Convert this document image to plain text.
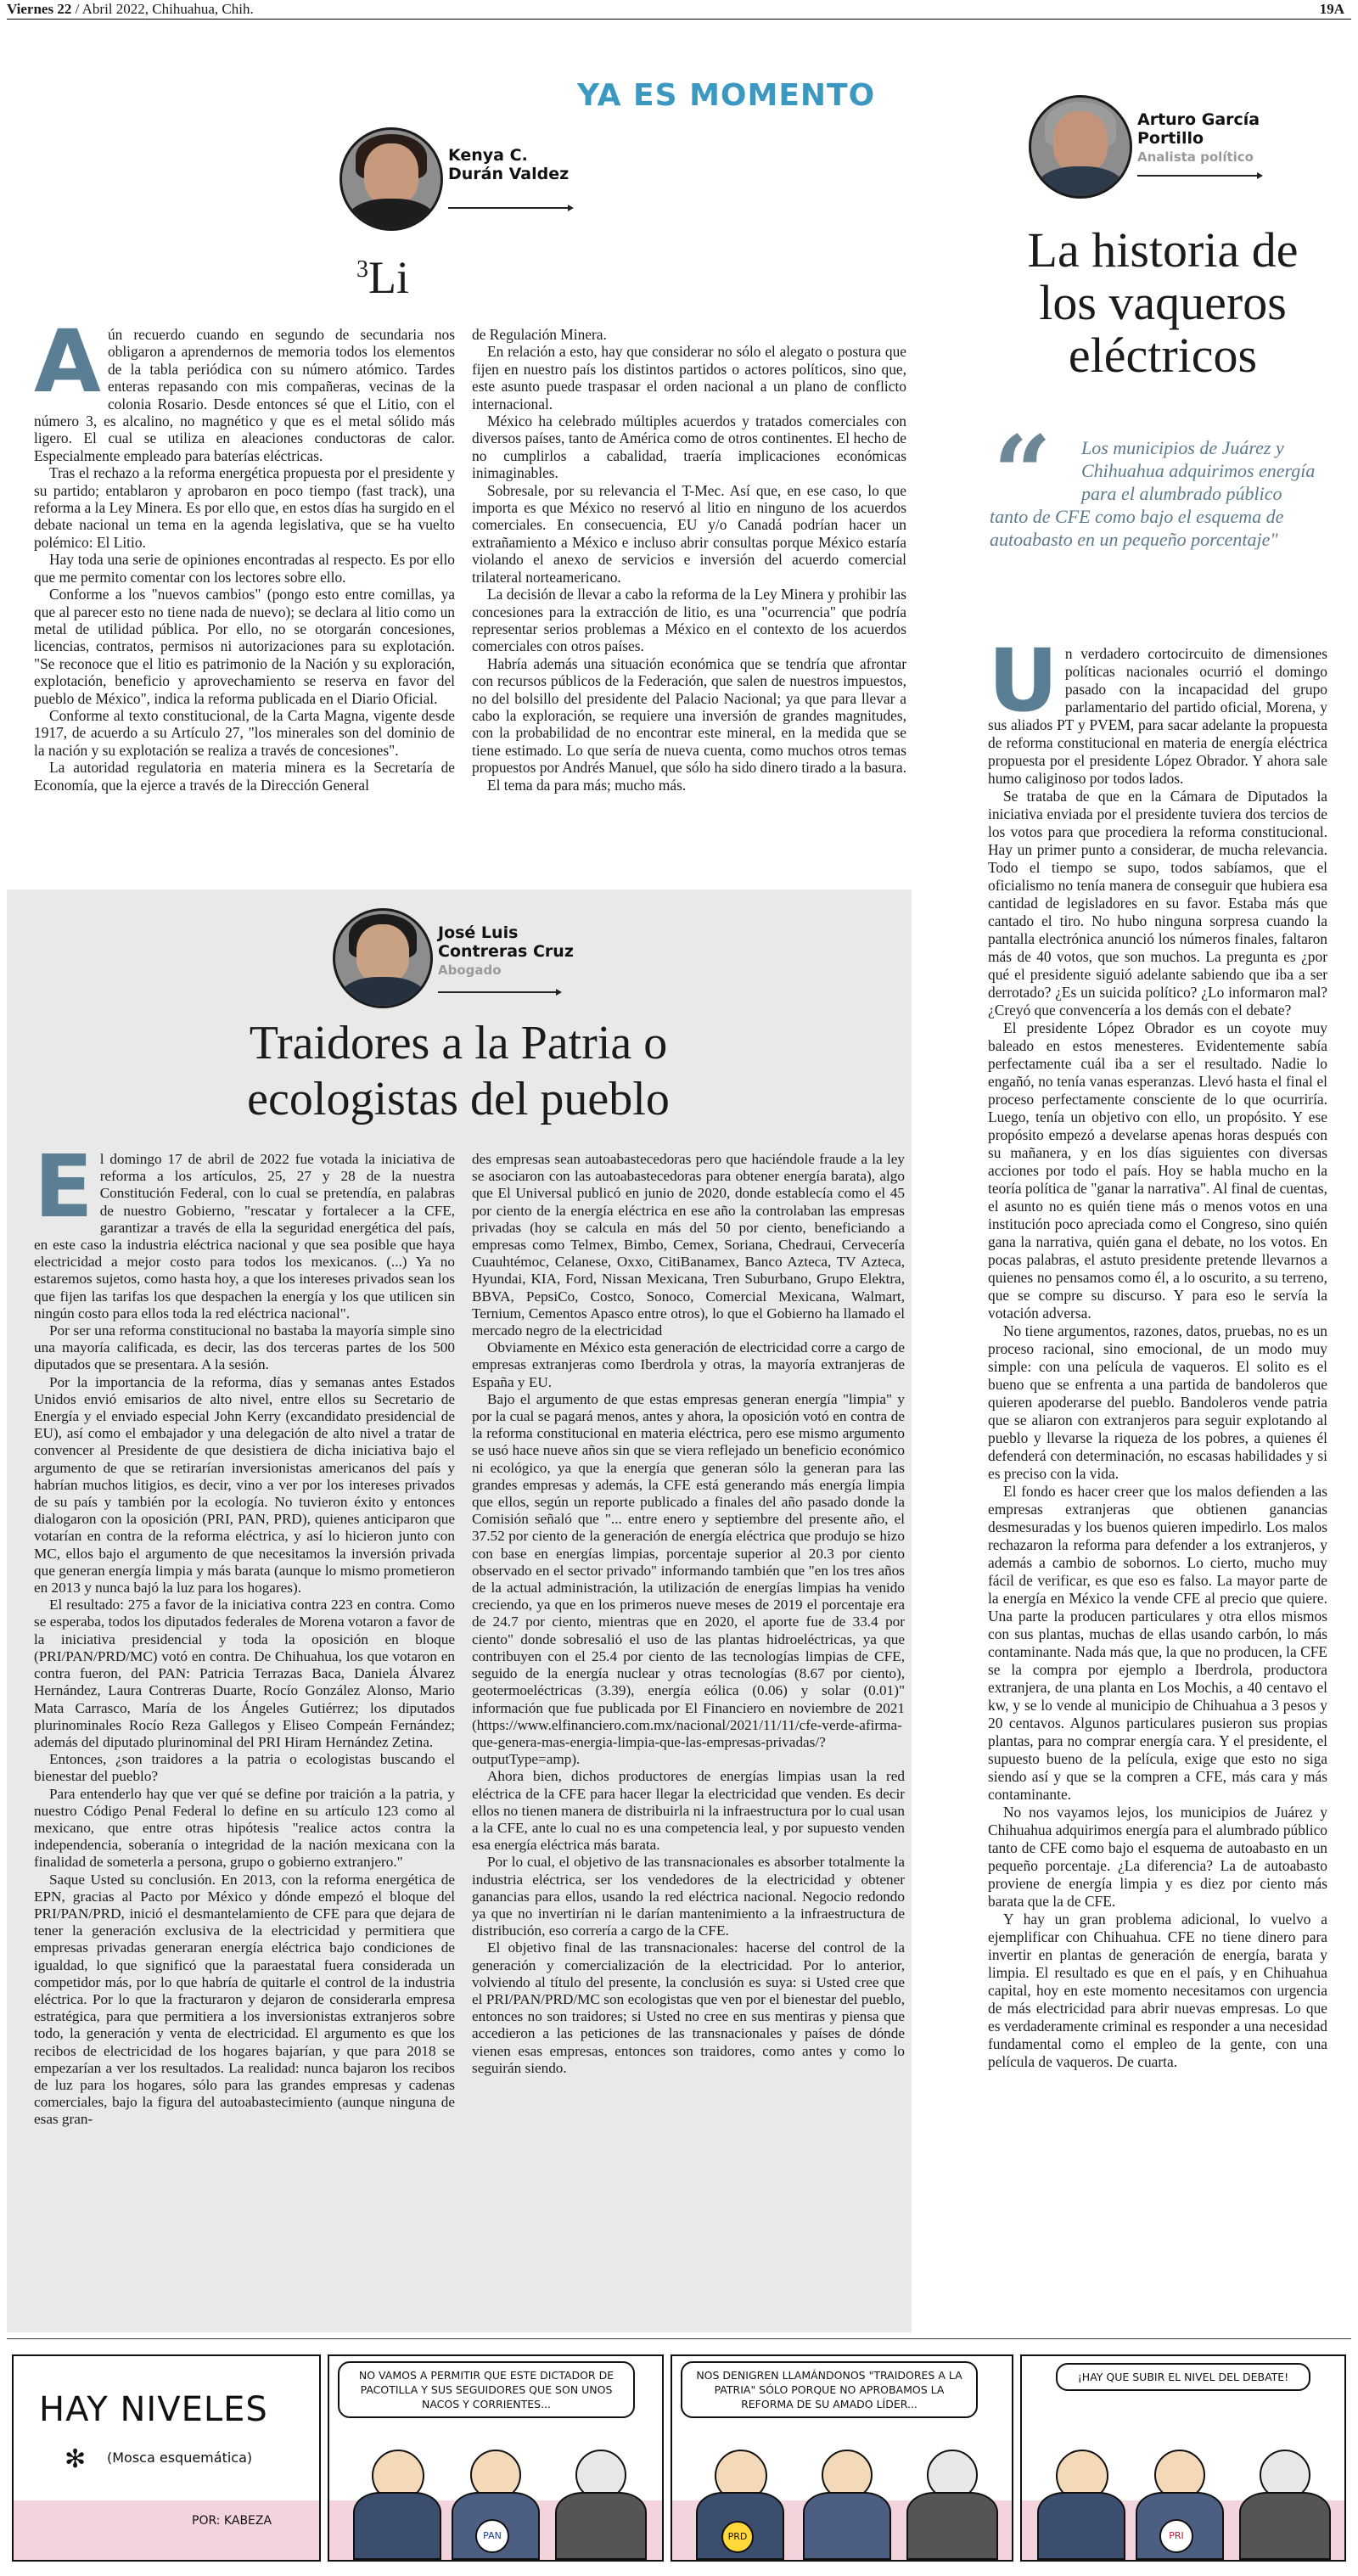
Viernes 22 / Abril 2022, Chihuahua, Chih.	19A
YA ES MOMENTO
Kenya C.
Durán Valdez
$^3$Li
A ún recuerdo cuando en segundo de secundaria nos obligaron a aprendernos de memoria todos los elementos de la tabla periódica con su número atómico. Tardes enteras repasando con mis compañeras, vecinas de la colonia Rosario. Desde entonces sé que el Litio, con el número 3, es alcalino, no magnético y que es el metal sólido más ligero. El cual se utiliza en aleaciones conductoras de calor. Especialmente empleado para baterías eléctricas.

Tras el rechazo a la reforma energética propuesta por el presidente y su partido; entablaron y aprobaron en poco tiempo (fast track), una reforma a la Ley Minera. Es por ello que, en estos días ha surgido en el debate nacional un tema en la agenda legislativa, que se ha vuelto polémico: El Litio.

Hay toda una serie de opiniones encontradas al respecto. Es por ello que me permito comentar con los lectores sobre ello.

Conforme a los "nuevos cambios" (pongo esto entre comillas, ya que al parecer esto no tiene nada de nuevo); se declara al litio como un metal de utilidad pública. Por ello, no se otorgarán concesiones, licencias, contratos, permisos ni autorizaciones para su explotación. "Se reconoce que el litio es patrimonio de la Nación y su exploración, explotación, beneficio y aprovechamiento se reserva en favor del pueblo de México", indica la reforma publicada en el Diario Oficial.

Conforme al texto constitucional, de la Carta Magna, vigente desde 1917, de acuerdo a su Artículo 27, "los minerales son del dominio de la nación y su explotación se realiza a través de concesiones".

La autoridad regulatoria en materia minera es la Secretaría de Economía, que la ejerce a través de la Dirección General

de Regulación Minera.

En relación a esto, hay que considerar no sólo el alegato o postura que fijen en nuestro país los distintos partidos o actores políticos, sino que, este asunto puede traspasar el orden nacional a un plano de conflicto internacional.

México ha celebrado múltiples acuerdos y tratados comerciales con diversos países, tanto de América como de otros continentes. El hecho de no cumplirlos a cabalidad, traería implicaciones económicas inimaginables.

Sobresale, por su relevancia el T-Mec. Así que, en ese caso, lo que importa es que México no reservó al litio en ninguno de los acuerdos comerciales. En consecuencia, EU y/o Canadá podrían hacer un extrañamiento a México e incluso abrir consultas porque México estaría violando el anexo de servicios e inversión del acuerdo comercial trilateral norteamericano.

La decisión de llevar a cabo la reforma de la Ley Minera y prohibir las concesiones para la extracción de litio, es una "ocurrencia" que podría representar serios problemas a México en el contexto de los acuerdos comerciales con otros países.

Habría además una situación económica que se tendría que afrontar con recursos públicos de la Federación, que salen de nuestros impuestos, no del bolsillo del presidente del Palacio Nacional; ya que para llevar a cabo la exploración, se requiere una inversión de grandes magnitudes, con la probabilidad de no encontrar este mineral, en la medida que se tiene estimado. Lo que sería de nueva cuenta, como muchos otros temas propuestos por Andrés Manuel, que sólo ha sido dinero tirado a la basura.

El tema da para más; mucho más.

José Luis
Contreras Cruz
Abogado
Traidores a la Patria o
ecologistas del pueblo
E l domingo 17 de abril de 2022 fue votada la iniciativa de reforma a los artículos, 25, 27 y 28 de la nuestra Constitución Federal, con lo cual se pretendía, en palabras de nuestro Gobierno, "rescatar y fortalecer a la CFE, garantizar a través de ella la seguridad energética del país, en este caso la industria eléctrica nacional y que sea posible que haya electricidad a mejor costo para todos los mexicanos. (...) Ya no estaremos sujetos, como hasta hoy, a que los intereses privados sean los que fijen las tarifas los que despachen la energía y los que utilicen sin ningún costo para ellos toda la red eléctrica nacional".

Por ser una reforma constitucional no bastaba la mayoría simple sino una mayoría calificada, es decir, las dos terceras partes de los 500 diputados que se presentara. A la sesión.

Por la importancia de la reforma, días y semanas antes Estados Unidos envió emisarios de alto nivel, entre ellos su Secretario de Energía y el enviado especial John Kerry (excandidato presidencial de EU), así como el embajador y una delegación de alto nivel a tratar de convencer al Presidente de que desistiera de dicha iniciativa bajo el argumento de que se retirarían inversionistas americanos del país y habrían muchos litigios, es decir, vino a ver por los intereses privados de su país y también por la ecología. No tuvieron éxito y entonces dialogaron con la oposición (PRI, PAN, PRD), quienes anticiparon que votarían en contra de la reforma eléctrica, y así lo hicieron junto con MC, ellos bajo el argumento de que necesitamos la inversión privada que generan energía limpia y más barata (aunque lo mismo prometieron en 2013 y nunca bajó la luz para los hogares).

El resultado: 275 a favor de la iniciativa contra 223 en contra. Como se esperaba, todos los diputados federales de Morena votaron a favor de la iniciativa presidencial y toda la oposición en bloque (PRI/PAN/PRD/MC) votó en contra. De Chihuahua, los que votaron en contra fueron, del PAN: Patricia Terrazas Baca, Daniela Álvarez Hernández, Laura Contreras Duarte, Rocío González Alonso, Mario Mata Carrasco, María de los Ángeles Gutiérrez; los diputados plurinominales Rocío Reza Gallegos y Eliseo Compeán Fernández; además del diputado plurinominal del PRI Hiram Hernández Zetina.

Entonces, ¿son traidores a la patria o ecologistas buscando el bienestar del pueblo?

Para entenderlo hay que ver qué se define por traición a la patria, y nuestro Código Penal Federal lo define en su artículo 123 como al mexicano, que entre otras hipótesis "realice actos contra la independencia, soberanía o integridad de la nación mexicana con la finalidad de someterla a persona, grupo o gobierno extranjero."

Saque Usted su conclusión. En 2013, con la reforma energética de EPN, gracias al Pacto por México y dónde empezó el bloque del PRI/PAN/PRD, inició el desmantelamiento de CFE para que dejara de tener la generación exclusiva de la electricidad y permitiera que empresas privadas generaran energía eléctrica bajo condiciones de igualdad, lo que significó que la paraestatal fuera considerada un competidor más, por lo que habría de quitarle el control de la industria eléctrica. Por lo que la fracturaron y dejaron de considerarla empresa estratégica, para que permitiera a los inversionistas extranjeros sobre todo, la generación y venta de electricidad. El argumento es que los recibos de electricidad de los hogares bajarían, y que para 2018 se empezarían a ver los resultados. La realidad: nunca bajaron los recibos de luz para los hogares, sólo para las grandes empresas y cadenas comerciales, bajo la figura del autoabastecimiento (aunque ninguna de esas gran-

des empresas sean autoabastecedoras pero que haciéndole fraude a la ley se asociaron con las autoabastecedoras para obtener energía barata), algo que El Universal publicó en junio de 2020, donde establecía como el 45 por ciento de la energía eléctrica en ese año la controlaban las empresas privadas (hoy se calcula en más del 50 por ciento, beneficiando a empresas como Telmex, Bimbo, Cemex, Soriana, Chedraui, Cervecería Cuauhtémoc, Celanese, Oxxo, CitiBanamex, Banco Azteca, TV Azteca, Hyundai, KIA, Ford, Nissan Mexicana, Tren Suburbano, Grupo Elektra, BBVA, PepsiCo, Costco, Sonoco, Comercial Mexicana, Walmart, Ternium, Cementos Apasco entre otros), lo que el Gobierno ha llamado el mercado negro de la electricidad

Obviamente en México esta generación de electricidad corre a cargo de empresas extranjeras como Iberdrola y otras, la mayoría extranjeras de España y EU.

Bajo el argumento de que estas empresas generan energía "limpia" y por la cual se pagará menos, antes y ahora, la oposición votó en contra de la reforma constitucional en materia eléctrica, pero ese mismo argumento se usó hace nueve años sin que se viera reflejado un beneficio económico ni ecológico, ya que la energía que generan sólo la generan para las grandes empresas y además, la CFE está generando más energía limpia que ellos, según un reporte publicado a finales del año pasado donde la Comisión señaló que "... entre enero y septiembre del presente año, el 37.52 por ciento de la generación de energía eléctrica que produjo se hizo con base en energías limpias, porcentaje superior al 20.3 por ciento observado en el sector privado" informando también que "en los tres años de la actual administración, la utilización de energías limpias ha venido creciendo, ya que en los primeros nueve meses de 2019 el porcentaje era de 24.7 por ciento, mientras que en 2020, el aporte fue de 33.4 por ciento" donde sobresalió el uso de las plantas hidroeléctricas, ya que contribuyen con el 25.4 por ciento de las tecnologías limpias de CFE, seguido de la energía nuclear y otras tecnologías (8.67 por ciento), geotermoeléctricas (3.39), energía eólica (0.06) y solar (0.01)" información que fue publicada por El Financiero en noviembre de 2021 (https://www.elfinanciero.com.mx/nacional/2021/11/11/cfe-verde-afirma-que-genera-mas-energia-limpia-que-las-empresas-privadas/?outputType=amp).

Ahora bien, dichos productores de energías limpias usan la red eléctrica de la CFE para hacer llegar la electricidad que venden. Es decir ellos no tienen manera de distribuirla ni la infraestructura por lo cual usan a la CFE, ante lo cual no es una competencia leal, y por supuesto venden esa energía eléctrica más barata.

Por lo cual, el objetivo de las transnacionales es absorber totalmente la industria eléctrica, ser los vendedores de la electricidad y obtener ganancias para ellos, usando la red eléctrica nacional. Negocio redondo ya que no invertirían ni le darían mantenimiento a la infraestructura de distribución, eso correría a cargo de la CFE.

El objetivo final de las transnacionales: hacerse del control de la generación y comercialización de la electricidad. Por lo anterior, volviendo al título del presente, la conclusión es suya: si Usted cree que el PRI/PAN/PRD/MC son ecologistas que ven por el bienestar del pueblo, entonces no son traidores; si Usted no cree en sus mentiras y piensa que accedieron a las peticiones de las transnacionales y países de dónde vienen esas empresas, entonces son traidores, como antes y como lo seguirán siendo.

Arturo García
Portillo
Analista político
La historia de
los vaqueros
eléctricos
“	Los municipios de Juárez y Chihuahua adquirimos energía para el alumbrado público tanto de CFE como bajo el esquema de autoabasto en un pequeño porcentaje"
U n verdadero cortocircuito de dimensiones políticas nacionales ocurrió el domingo pasado con la incapacidad del grupo parlamentario del partido oficial, Morena, y sus aliados PT y PVEM, para sacar adelante la propuesta de reforma constitucional en materia de energía eléctrica propuesta por el presidente López Obrador. Y ahora sale humo caliginoso por todos lados.

Se trataba de que en la Cámara de Diputados la iniciativa enviada por el presidente tuviera dos tercios de los votos para que procediera la reforma constitucional. Hay un primer punto a considerar, de mucha relevancia. Todo el tiempo se supo, todos sabíamos, que el oficialismo no tenía manera de conseguir que hubiera esa cantidad de legisladores en su favor. Estaba más que cantado el tiro. No hubo ninguna sorpresa cuando la pantalla electrónica anunció los números finales, faltaron más de 40 votos, que son muchos. La pregunta es ¿por qué el presidente siguió adelante sabiendo que iba a ser derrotado? ¿Es un suicida político? ¿Lo informaron mal? ¿Creyó que convencería a los demás con el debate?

El presidente López Obrador es un coyote muy baleado en estos menesteres. Evidentemente sabía perfectamente cuál iba a ser el resultado. Nadie lo engañó, no tenía vanas esperanzas. Llevó hasta el final el proceso perfectamente consciente de lo que ocurriría. Luego, tenía un objetivo con ello, un propósito. Y ese propósito empezó a develarse apenas horas después con su mañanera, y en los días siguientes con diversas acciones por todo el país. Hoy se habla mucho en la teoría política de "ganar la narrativa". Al final de cuentas, el asunto no es quién tiene más o menos votos en una institución poco apreciada como el Congreso, sino quién gana la narrativa, quién gana el debate, no los votos. En pocas palabras, el astuto presidente pretende llevarnos a quienes no pensamos como él, a lo oscurito, a su terreno, que se compre su discurso. Y para eso le servía la votación adversa.

No tiene argumentos, razones, datos, pruebas, no es un proceso racional, sino emocional, de un modo muy simple: con una película de vaqueros. El solito es el bueno que se enfrenta a una partida de bandoleros que quieren apoderarse del pueblo. Bandoleros vende patria que se aliaron con extranjeros para seguir explotando al pueblo y llevarse la riqueza de los pobres, a quienes él defenderá con determinación, no escasas habilidades y si es preciso con la vida.

El fondo es hacer creer que los malos defienden a las empresas extranjeras que obtienen ganancias desmesuradas y los buenos quieren impedirlo. Los malos rechazaron la reforma para defender a los extranjeros, y además a cambio de sobornos. Lo cierto, mucho muy fácil de verificar, es que eso es falso. La mayor parte de la energía en México la vende CFE al precio que quiere. Una parte la producen particulares y otra ellos mismos con sus plantas, muchas de ellas usando carbón, lo más contaminante. Nada más que, la que no producen, la CFE se la compra por ejemplo a Iberdrola, productora extranjera, de una planta en Los Mochis, a 40 centavo el kw, y se lo vende al municipio de Chihuahua a 3 pesos y 20 centavos. Algunos particulares pusieron sus propias plantas, para no comprar energía cara. Y el presidente, el supuesto bueno de la película, exige que esto no siga siendo así y que se la compren a CFE, más cara y más contaminante.

No nos vayamos lejos, los municipios de Juárez y Chihuahua adquirimos energía para el alumbrado público tanto de CFE como bajo el esquema de autoabasto en un pequeño porcentaje. ¿La diferencia? La de autoabasto proviene de energía limpia y es diez por ciento más barata que la de CFE.

Y hay un gran problema adicional, lo vuelvo a ejemplificar con Chihuahua. CFE no tiene dinero para invertir en plantas de generación de energía, barata y limpia. El resultado es que en el país, y en Chihuahua capital, hoy en este momento necesitamos con urgencia de más electricidad para abrir nuevas empresas. Lo que es verdaderamente criminal es responder a una necesidad fundamental como el empleo de la gente, con una película de vaqueros. De cuarta.

HAY NIVELES
(Mosca esquemática)
✻
POR: KABEZA
NO VAMOS A PERMITIR QUE ESTE DICTADOR DE PACOTILLA Y SUS SEGUIDORES QUE SON UNOS NACOS Y CORRIENTES...
PAN
NOS DENIGREN LLAMÁNDONOS "TRAIDORES A LA PATRIA" SÓLO PORQUE NO APROBAMOS LA REFORMA DE SU AMADO LÍDER...
PRD
¡HAY QUE SUBIR EL NIVEL DEL DEBATE!
PRI
